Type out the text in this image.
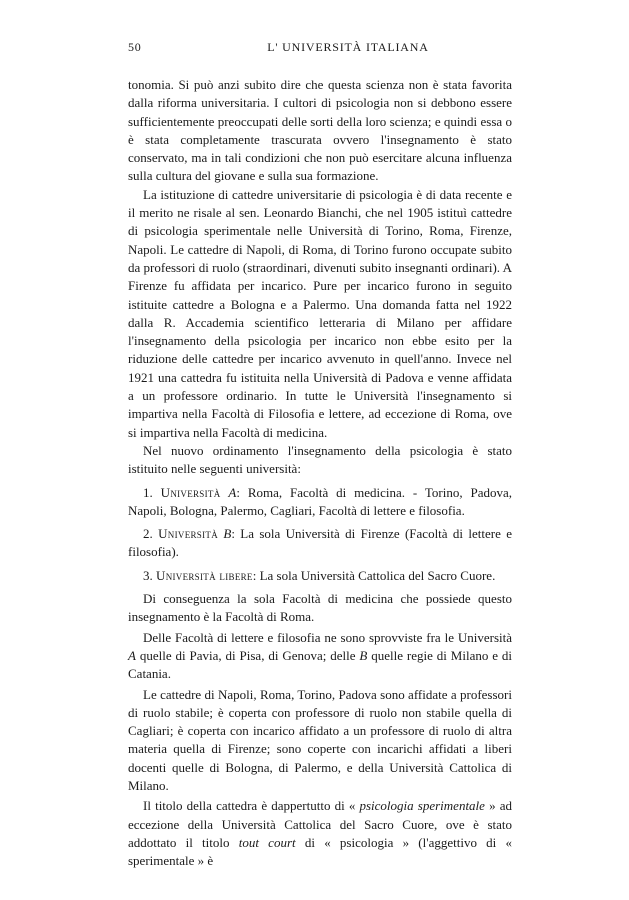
50	L' UNIVERSITÀ ITALIANA

tonomia. Si può anzi subito dire che questa scienza non è stata favorita dalla riforma universitaria. I cultori di psicologia non si debbono essere sufficientemente preoccupati delle sorti della loro scienza; e quindi essa o è stata completamente trascurata ovvero l'insegnamento è stato conservato, ma in tali condizioni che non può esercitare alcuna influenza sulla cultura del giovane e sulla sua formazione.

La istituzione di cattedre universitarie di psicologia è di data recente e il merito ne risale al sen. Leonardo Bianchi, che nel 1905 istituì cattedre di psicologia sperimentale nelle Università di Torino, Roma, Firenze, Napoli. Le cattedre di Napoli, di Roma, di Torino furono occupate subito da professori di ruolo (straordinari, divenuti subito insegnanti ordinari). A Firenze fu affidata per incarico. Pure per incarico furono in seguito istituite cattedre a Bologna e a Palermo. Una domanda fatta nel 1922 dalla R. Accademia scientifico letteraria di Milano per affidare l'insegnamento della psicologia per incarico non ebbe esito per la riduzione delle cattedre per incarico avvenuto in quell'anno. Invece nel 1921 una cattedra fu istituita nella Università di Padova e venne affidata a un professore ordinario. In tutte le Università l'insegnamento si impartiva nella Facoltà di Filosofia e lettere, ad eccezione di Roma, ove si impartiva nella Facoltà di medicina.

Nel nuovo ordinamento l'insegnamento della psicologia è stato istituito nelle seguenti università:

1. Università A: Roma, Facoltà di medicina. - Torino, Padova, Napoli, Bologna, Palermo, Cagliari, Facoltà di lettere e filosofia.

2. Università B: La sola Università di Firenze (Facoltà di lettere e filosofia).

3. Università libere: La sola Università Cattolica del Sacro Cuore.

Di conseguenza la sola Facoltà di medicina che possiede questo insegnamento è la Facoltà di Roma.

Delle Facoltà di lettere e filosofia ne sono sprovviste fra le Università A quelle di Pavia, di Pisa, di Genova; delle B quelle regie di Milano e di Catania.

Le cattedre di Napoli, Roma, Torino, Padova sono affidate a professori di ruolo stabile; è coperta con professore di ruolo non stabile quella di Cagliari; è coperta con incarico affidato a un professore di ruolo di altra materia quella di Firenze; sono coperte con incarichi affidati a liberi docenti quelle di Bologna, di Palermo, e della Università Cattolica di Milano.

Il titolo della cattedra è dappertutto di « psicologia sperimentale » ad eccezione della Università Cattolica del Sacro Cuore, ove è stato addottato il titolo tout court di « psicologia » (l'aggettivo di « sperimentale » è
